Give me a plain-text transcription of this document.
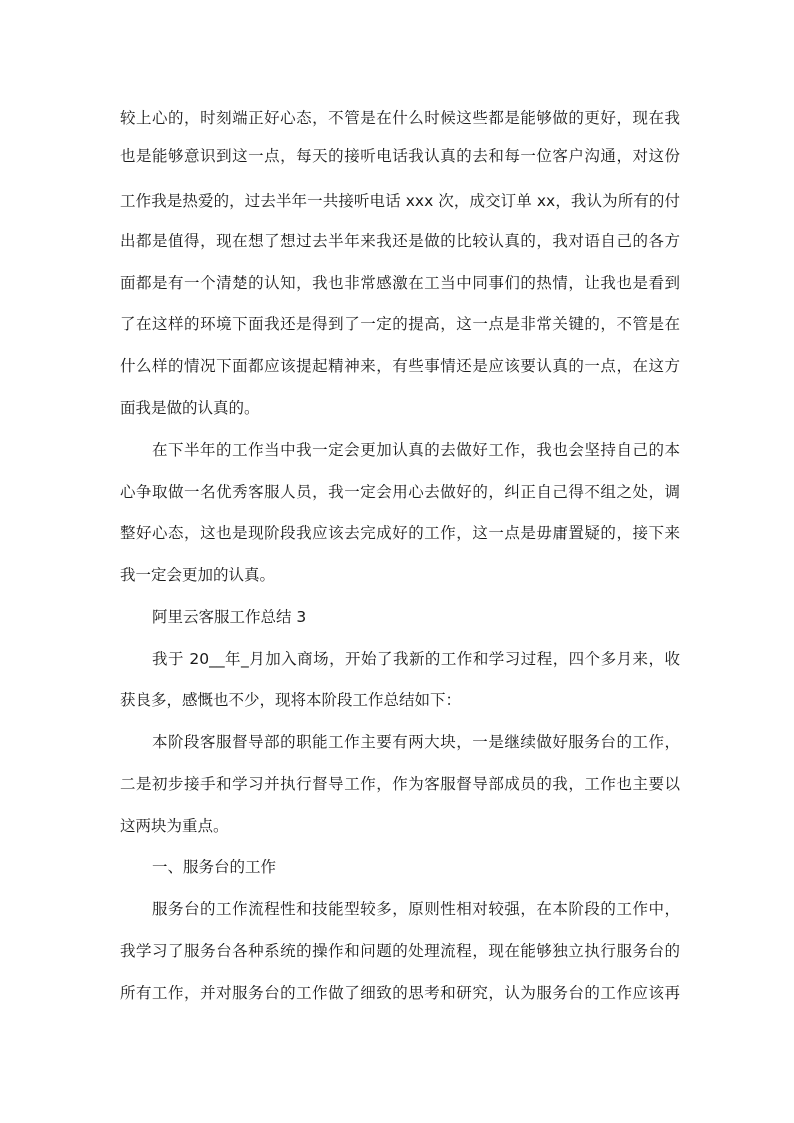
较上心的，时刻端正好心态，不管是在什么时候这些都是能够做的更好，现在我
也是能够意识到这一点，每天的接听电话我认真的去和每一位客户沟通，对这份
工作我是热爱的，过去半年一共接听电话 xxx 次，成交订单 xx，我认为所有的付
出都是值得，现在想了想过去半年来我还是做的比较认真的，我对语自己的各方
面都是有一个清楚的认知，我也非常感激在工当中同事们的热情，让我也是看到
了在这样的环境下面我还是得到了一定的提高，这一点是非常关键的，不管是在
什么样的情况下面都应该提起精神来，有些事情还是应该要认真的一点，在这方
面我是做的认真的。
在下半年的工作当中我一定会更加认真的去做好工作，我也会坚持自己的本
心争取做一名优秀客服人员，我一定会用心去做好的，纠正自己得不组之处，调
整好心态，这也是现阶段我应该去完成好的工作，这一点是毋庸置疑的，接下来
我一定会更加的认真。
阿里云客服工作总结 3
我于 20__年_月加入商场，开始了我新的工作和学习过程，四个多月来，收
获良多，感慨也不少，现将本阶段工作总结如下：
本阶段客服督导部的职能工作主要有两大块，一是继续做好服务台的工作，
二是初步接手和学习并执行督导工作，作为客服督导部成员的我，工作也主要以
这两块为重点。
一、服务台的工作
服务台的工作流程性和技能型较多，原则性相对较强，在本阶段的工作中，
我学习了服务台各种系统的操作和问题的处理流程，现在能够独立执行服务台的
所有工作，并对服务台的工作做了细致的思考和研究，认为服务台的工作应该再
